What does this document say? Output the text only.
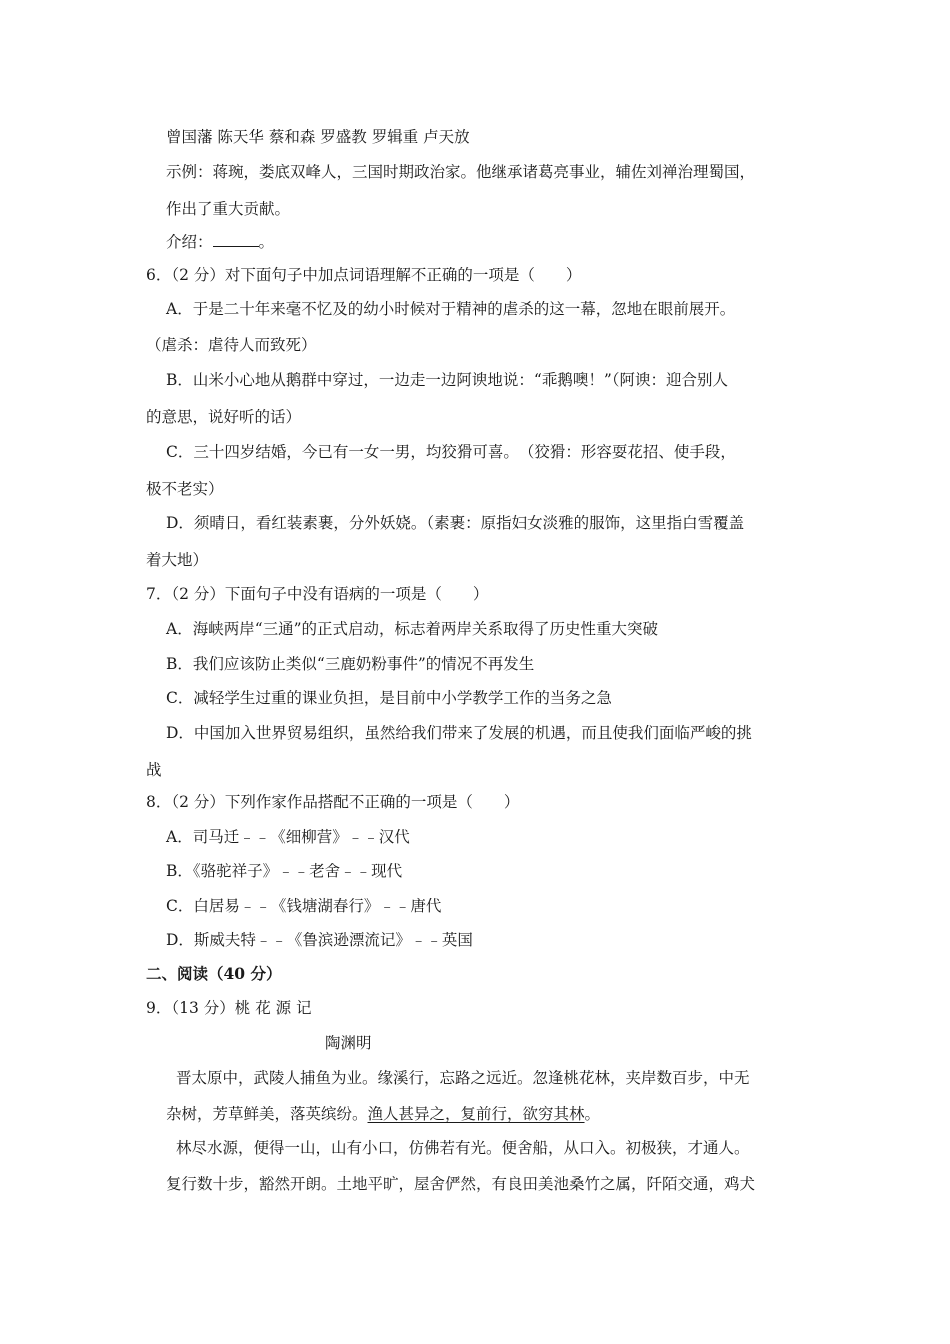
曾国藩 陈天华 蔡和森 罗盛教 罗辑重 卢天放
示例：蒋琬，娄底双峰人，三国时期政治家。他继承诸葛亮事业，辅佐刘禅治理蜀国，
作出了重大贡献。
介绍：	。
6．（2 分）对下面句子中加点词语理解不正确的一项是（　　）
A．于是二十年来毫不忆及的幼小时候对于精神的虐杀的这一幕，忽地在眼前展开。
（虐杀：虐待人而致死）
B．山米小心地从鹅群中穿过，一边走一边阿谀地说：“乖鹅噢！”（阿谀：迎合别人
的意思，说好听的话）
C．三十四岁结婚，今已有一女一男，均狡猾可喜。　（狡猾：形容耍花招、使手段，
极不老实）
D．须晴日，看红装素裹，分外妖娆。（素裹：原指妇女淡雅的服饰，这里指白雪覆盖
着大地）
7．（2 分）下面句子中没有语病的一项是（　　）
A．海峡两岸“三通”的正式启动，标志着两岸关系取得了历史性重大突破
B．我们应该防止类似“三鹿奶粉事件”的情况不再发生
C．减轻学生过重的课业负担，是目前中小学教学工作的当务之急
D．中国加入世界贸易组织，虽然给我们带来了发展的机遇，而且使我们面临严峻的挑
战
8．（2 分）下列作家作品搭配不正确的一项是（　　）
A．司马迁﹣﹣《细柳营》﹣﹣汉代
B．《骆驼祥子》﹣﹣老舍﹣﹣现代
C．白居易﹣﹣《钱塘湖春行》﹣﹣唐代
D．斯威夫特﹣﹣《鲁滨逊漂流记》﹣﹣英国
二、阅读（40 分）
9．（13 分）桃 花 源 记
陶渊明
晋太原中，武陵人捕鱼为业。缘溪行，忘路之远近。忽逢桃花林，夹岸数百步，中无
杂树，芳草鲜美，落英缤纷。渔人甚异之，复前行，欲穷其林。
林尽水源，便得一山，山有小口，仿佛若有光。便舍船，从口入。初极狭，才通人。
复行数十步，豁然开朗。土地平旷，屋舍俨然，有良田美池桑竹之属，阡陌交通，鸡犬
